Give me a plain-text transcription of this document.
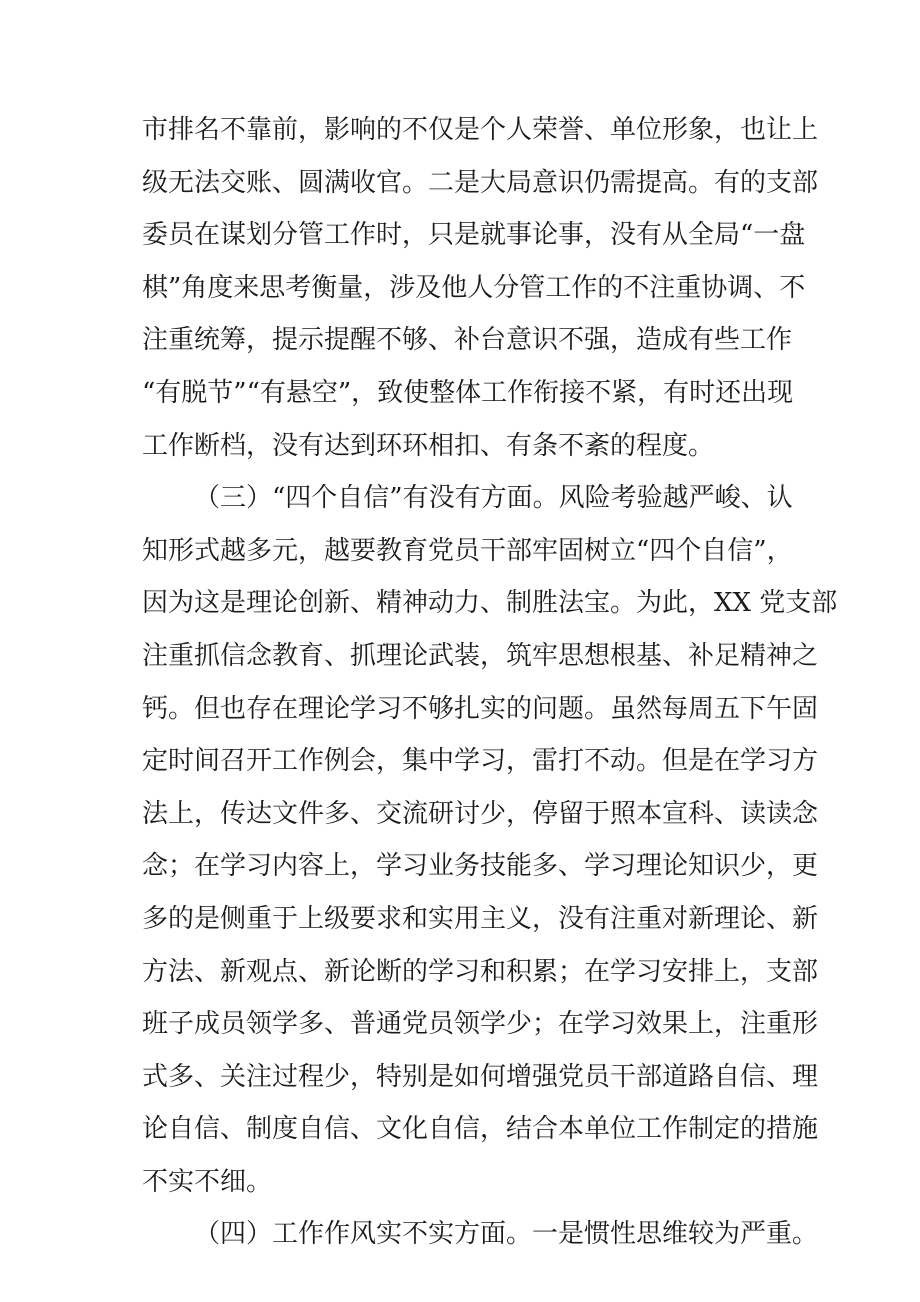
市排名不靠前，影响的不仅是个人荣誉、单位形象，也让上
级无法交账、圆满收官。二是大局意识仍需提高。有的支部
委员在谋划分管工作时，只是就事论事，没有从全局“一盘
棋”角度来思考衡量，涉及他人分管工作的不注重协调、不
注重统筹，提示提醒不够、补台意识不强，造成有些工作
“有脱节”“有悬空”，致使整体工作衔接不紧，有时还出现
工作断档，没有达到环环相扣、有条不紊的程度。
（三）“四个自信”有没有方面。风险考验越严峻、认
知形式越多元，越要教育党员干部牢固树立“四个自信”，
因为这是理论创新、精神动力、制胜法宝。为此，XX 党支部
注重抓信念教育、抓理论武装，筑牢思想根基、补足精神之
钙。但也存在理论学习不够扎实的问题。虽然每周五下午固
定时间召开工作例会，集中学习，雷打不动。但是在学习方
法上，传达文件多、交流研讨少，停留于照本宣科、读读念
念；在学习内容上，学习业务技能多、学习理论知识少，更
多的是侧重于上级要求和实用主义，没有注重对新理论、新
方法、新观点、新论断的学习和积累；在学习安排上，支部
班子成员领学多、普通党员领学少；在学习效果上，注重形
式多、关注过程少，特别是如何增强党员干部道路自信、理
论自信、制度自信、文化自信，结合本单位工作制定的措施
不实不细。
（四）工作作风实不实方面。一是惯性思维较为严重。
